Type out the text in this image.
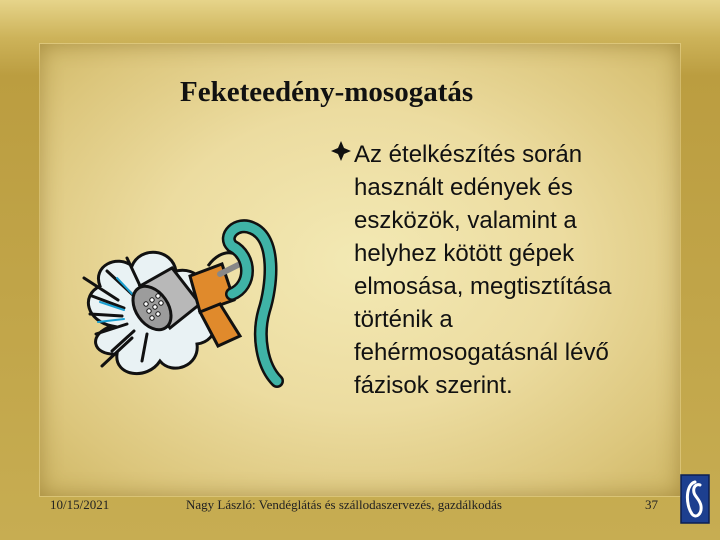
Feketeedény-mosogatás
Az ételkészítés során
használt edények és
eszközök, valamint a
helyhez kötött gépek
elmosása, megtisztítása
történik a
fehérmosogatásnál lévő
fázisok szerint.
10/15/2021	Nagy László: Vendéglátás és szállodaszervezés, gazdálkodás	37
